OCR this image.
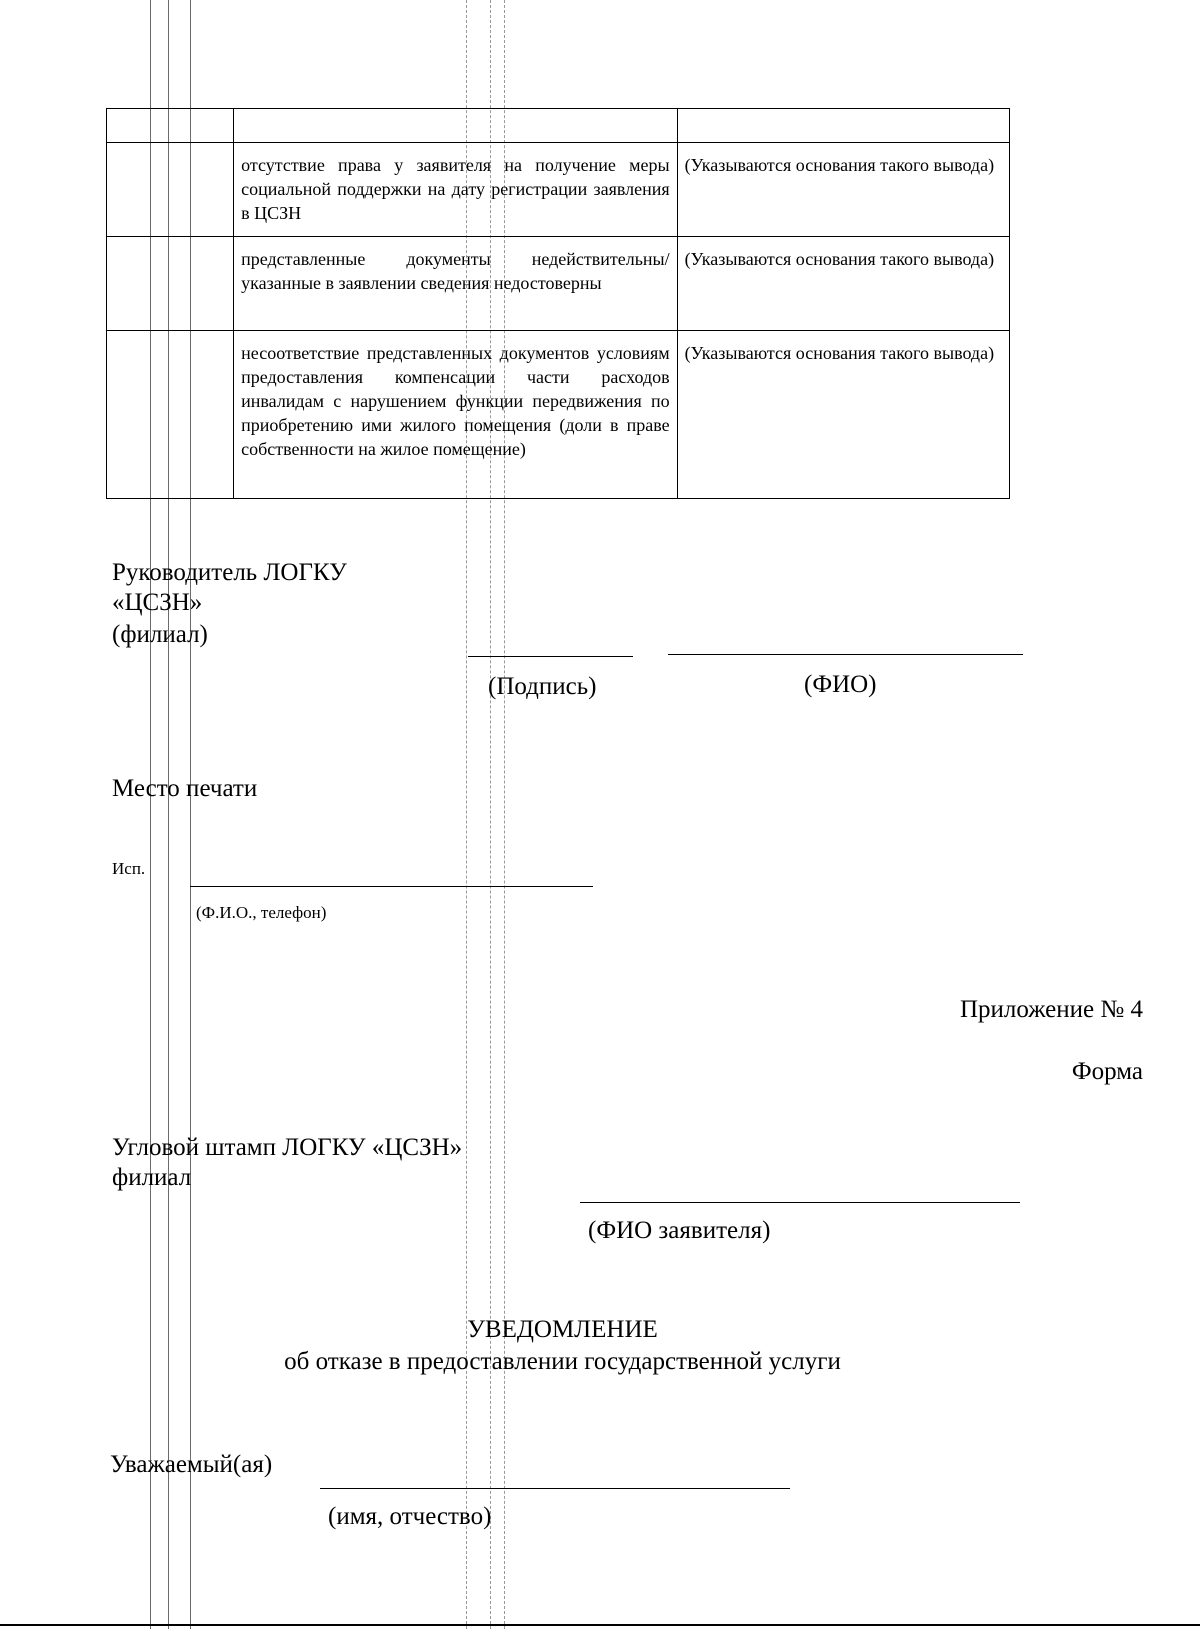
	отсутствие права у заявителя на получение меры социальной поддержки на дату регистрации заявления в ЦСЗН	(Указываются основания такого вывода)
	представленные документы недействительны/указанные в заявлении сведения недостоверны	(Указываются основания такого вывода)
	несоответствие представленных документов условиям предоставления компенсации части расходов инвалидам с нарушением функции передвижения по приобретению ими жилого помещения (доли в праве собственности на жилое помещение)	(Указываются основания такого вывода)
Руководитель ЛОГКУ
«ЦСЗН»
(филиал)
(Подпись)	(ФИО)
Место печати
Исп.
(Ф.И.О., телефон)
Приложение № 4
Форма
Угловой штамп ЛОГКУ «ЦСЗН»
филиал
(ФИО заявителя)
УВЕДОМЛЕНИЕ
об отказе в предоставлении государственной услуги
Уважаемый(ая)
(имя, отчество)
